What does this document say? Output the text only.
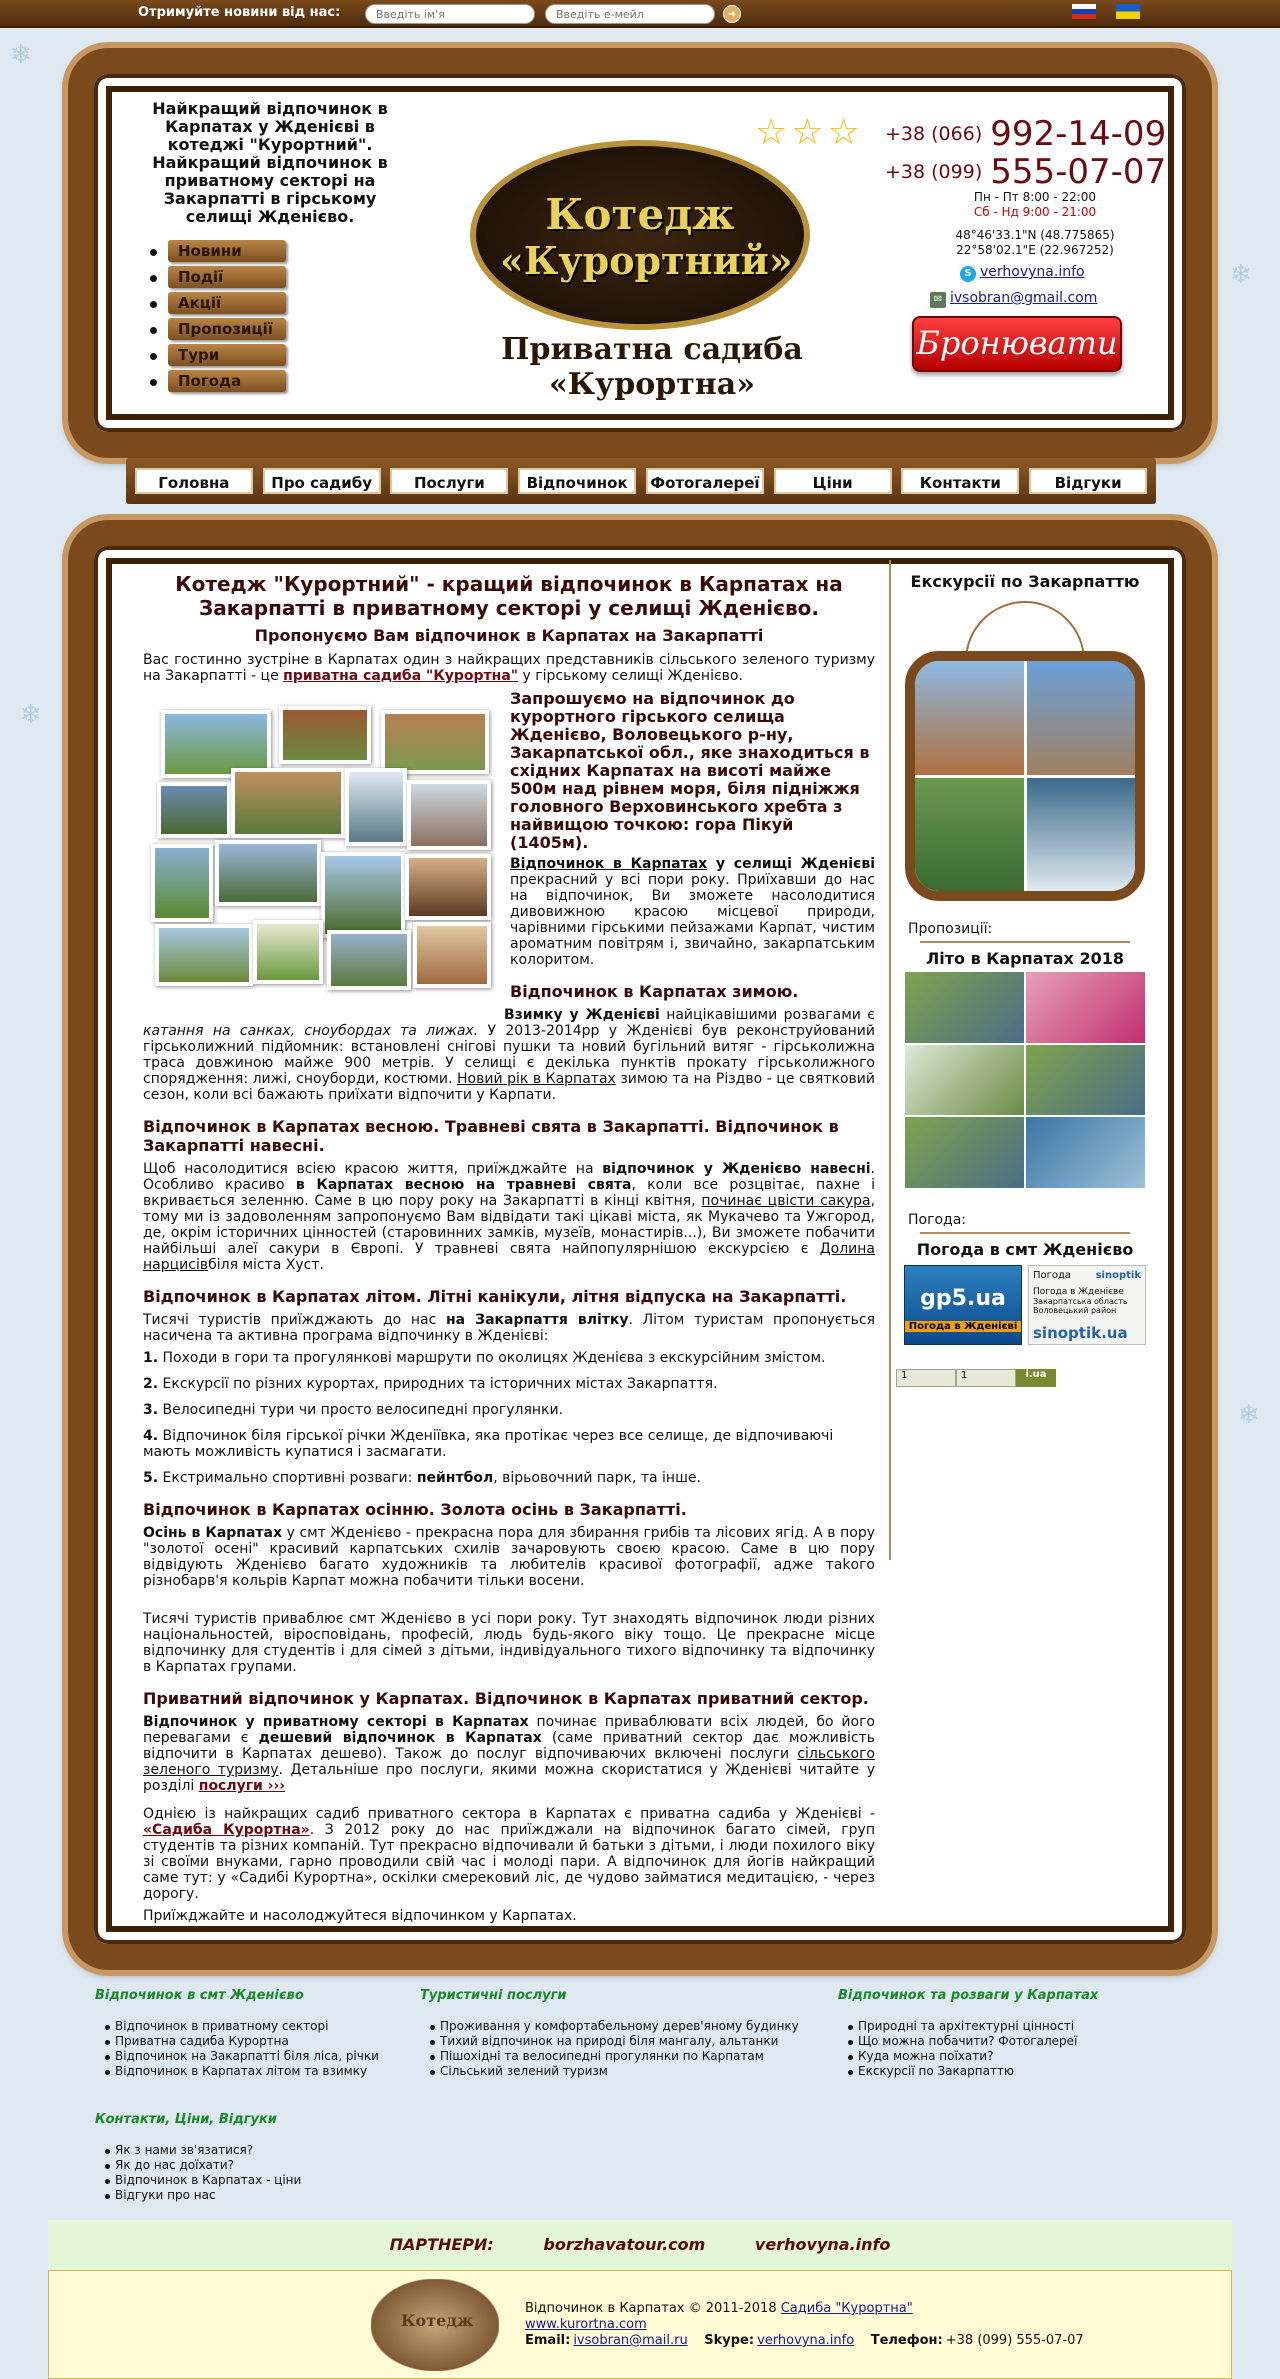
Отримуйте новини від нас:
Введіть ім'я
Введіть е-мейл	➜
❄
❄
❄
❄
Найкращий відпочинок в Карпатах у Жденієві в котеджі "Курортний". Найкращий відпочинок в приватному секторі на Закарпатті в гірському селищі Жденієво.
Новини
Події
Акції
Пропозиції
Тури
Погода
Котедж
«Курортний»
Приватна садиба «Курортна»
☆☆☆ +38 (066) 992-14-09
+38 (099) 555-07-07
Пн - Пт 8:00 - 22:00
Сб - Нд 9:00 - 21:00
48°46'33.1"N (48.775865)
22°58'02.1"E (22.967252)
S verhovyna.info
✉ ivsobran@gmail.com
Бронювати
Головна	Про садибу	Послуги	Відпочинок	Фотогалереї	Ціни	Контакти	Відгуки
Котедж "Курортний" - кращий відпочинок в Карпатах на Закарпатті в приватному секторі у селищі Жденієво.
Пропонуємо Вам відпочинок в Карпатах на Закарпатті

Вас гостинно зустріне в Карпатах один з найкращих представників сільського зеленого туризму на Закарпатті - це приватна садиба "Курортна" у гірському селищі Жденієво.

Запрошуємо на відпочинок до курортного гірського селища Жденієво, Воловецького р-ну, Закарпатської обл., яке знаходиться в східних Карпатах на висоті майже 500м над рівнем моря, біля підніжжя головного Верховинського хребта з найвищою точкою: гора Пікуй (1405м).

Відпочинок в Карпатах у селищі Жденієві прекрасний у всі пори року. Приїхавши до нас на відпочинок, Ви зможете насолодитися дивовижною красою місцевої природи, чарівними гірськими пейзажами Карпат, чистим ароматним повітрям і, звичайно, закарпатським колоритом.

Відпочинок в Карпатах зимою.

Взимку у Жденієві найцікавішими розвагами є катання на санках, сноубордах та лижах. У 2013-2014рр у Жденієві був реконструйований гірськолижний підйомник: встановлені снігові пушки та новий бугільний витяг - гірськолижна траса довжиною майже 900 метрів. У селищі є декілька пунктів прокату гірськолижного спорядження: лижі, сноуборди, костюми. Новий рік в Карпатах зимою та на Різдво - це святковий сезон, коли всі бажають приїхати відпочити у Карпати.

Відпочинок в Карпатах весною. Травневі свята в Закарпатті. Відпочинок в Закарпатті навесні.

Щоб насолодитися всією красою життя, приїжджайте на відпочинок у Жденієво навесні. Особливо красиво в Карпатах весною на травневі свята, коли все розцвітає, пахне і вкривається зеленню. Саме в цю пору року на Закарпатті в кінці квітня, починає цвісти сакура, тому ми із задоволенням запропонуємо Вам відвідати такі цікаві міста, як Мукачево та Ужгород, де, окрім історичних цінностей (старовинних замків, музеїв, монастирів...), Ви зможете побачити найбільші алеї сакури в Європі. У травневі свята найпопулярнішою екскурсією є Долина нарцисівбіля міста Хуст.

Відпочинок в Карпатах літом. Літні канікули, літня відпуска на Закарпатті.

Тисячі туристів приїжджають до нас на Закарпаття влітку. Літом туристам пропонується насичена та активна програма відпочинку в Жденієві:

1. Походи в гори та прогулянкові маршрути по околицях Жденієва з екскурсійним змістом.
2. Екскурсії по різних курортах, природних та історичних містах Закарпаття.
3. Велосипедні тури чи просто велосипедні прогулянки.
4. Відпочинок біля гірської річки Жденіївка, яка протікає через все селище, де відпочиваючі мають можливість купатися і засмагати.
5. Екстримально спортивні розваги: пейнтбол, вірьовочний парк, та інше.
Відпочинок в Карпатах осінню. Золота осінь в Закарпатті.

Осінь в Карпатах у смт Жденієво - прекрасна пора для збирання грибів та лісових ягід. А в пору "золотої осені" красивий карпатських схилів зачаровують своєю красою. Саме в цю пору відвідують Жденієво багато художників та любителів красивої фотографії, адже тakого різнобарв'я кольрів Карпат можна побачити тільки восени.

Тисячі туристів приваблює смт Жденієво в усі пори року. Тут знаходять відпочинок люди різних національностей, віросповідань, професій, людь будь-якого віку тощо. Це прекрасне місце відпочинку для студентів і для сімей з дітьми, індивідуального тихого відпочинку та відпочинку в Карпатах групами.

Приватний відпочинок у Карпатах. Відпочинок в Карпатах приватний сектор.

Відпочинок у приватному секторі в Карпатах починає приваблювати всіх людей, бо його перевагами є дешевий відпочинок в Карпатах (саме приватний сектор дає можливість відпочити в Карпатах дешево). Також до послуг відпочиваючих включені послуги сільського зеленого туризму. Детальніше про послуги, якими можна скористатися у Жденієві читайте у розділі послуги ›››

Однією із найкращих садиб приватного сектора в Карпатах є приватна садиба у Жденієві - «Садиба Курортна». З 2012 року до нас приїжджали на відпочинок багато сімей, груп студентів та різних компаній. Тут прекрасно відпочивали й батьки з дітьми, і люди похилого віку зі своїми внуками, гарно проводили свій час і молоді пари. А відпочинок для йогів найкращий саме тут: у «Садибі Курортна», оскілки смерековий ліс, де чудово займатися медитацією, - через дорогу.

Приїжджайте и насолоджуйтеся відпочинком у Карпатах.

Екскурсії по Закарпаттю
Пропозиції:
Літо в Карпатах 2018
Погода:
Погода в смт Жденієво
gp5.ua
Погода в Жденієві
Погода sinoptik
Погода в Жденієве
Закарпатська область
Воловецький район
sinoptik.ua
1	1	i.ua
Відпочинок в смт Жденієво
Відпочинок в приватному секторі
Приватна садиба Курортна
Відпочинок на Закарпатті біля ліса, річки
Відпочинок в Карпатах літом та взимку
Туристичні послуги
Проживання у комфортабельному дерев'яному будинку
Тихий відпочинок на природі біля мангалу, альтанки
Пішохідні та велосипедні прогулянки по Карпатам
Сільський зелений туризм
Відпочинок та розваги у Карпатах
Природні та архітектурні цінності
Що можна побачити? Фотогалереї
Куда можна поїхати?
Екскурсії по Закарпаттю
Контакти, Ціни, Відгуки
Як з нами зв'язатися?
Як до нас доїхати?
Відпочинок в Карпатах - ціни
Відгуки про нас
ПАРТНЕРИ:	borzhavatour.com	verhovyna.info
Котедж
Відпочинок в Карпатах © 2011-2018 Садиба "Курортна"
www.kurortna.com
Email: ivsobran@mail.ru Skype: verhovyna.info Телефон: +38 (099) 555-07-07
